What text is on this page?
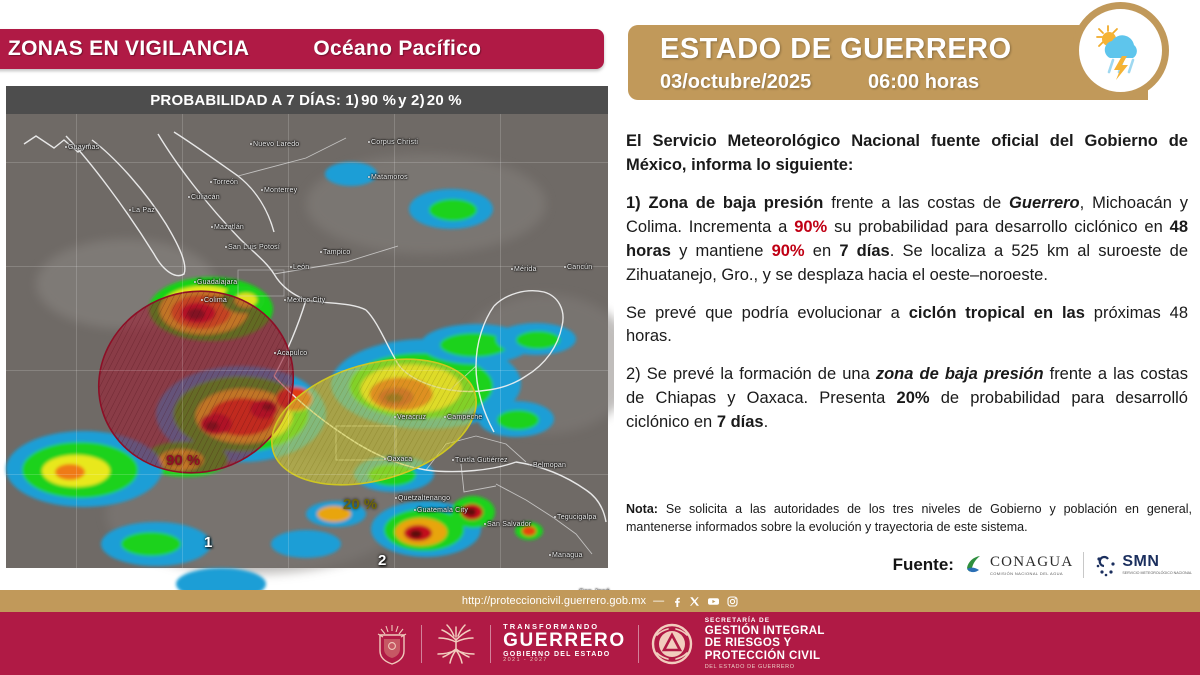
ZONAS EN VIGILANCIA	Océano Pacífico
PROBABILIDAD A 7 DÍAS: 1) 90 % y 2) 20 %
Guaymas	Nuevo Laredo	Corpus Christi
Torreón
Monterrey
Matamoros
Culiacán
La Paz
Mazatlán
San Luis Potosí
Tampico
Mérida	Cancún
León
Guadalajara
Colima	Mexico City
Veracruz	Campeche
Acapulco
Oaxaca	Tuxtla Gutiérrez
Belmopan
Quetzaltenango
Guatemala City
San Salvador
Tegucigalpa
Managua
90 %
20 %
1
2
ESTADO DE GUERRERO
03/octubre/2025	06:00 horas

El Servicio Meteorológico Nacional fuente oficial del Gobierno de México, informa lo siguiente:

1) Zona de baja presión frente a las costas de Guerrero, Michoacán y Colima. Incrementa a 90% su probabilidad para desarrollo ciclónico en 48 horas y mantiene 90% en 7 días. Se localiza a 525 km al suroeste de Zihuatanejo, Gro., y se desplaza hacia el oeste–noroeste.

Se prevé que podría evolucionar a ciclón tropical en las próximas 48 horas.

2) Se prevé la formación de una zona de baja presión frente a las costas de Chiapas y Oaxaca. Presenta 20% de probabilidad para desarrolló ciclónico en 7 días.

Nota: Se solicita a las autoridades de los tres niveles de Gobierno y población en general, mantenerse informados sobre la evolución y trayectoria de este sistema.
Fuente: CONAGUA
COMISIÓN NACIONAL DEL AGUA
SMN
SERVICIO METEOROLÓGICO NACIONAL
http://proteccioncivil.guerrero.gob.mx —
TRANSFORMANDO
GUERRERO
GOBIERNO DEL ESTADO
2021 - 2027
SECRETARÍA DE
GESTIÓN INTEGRAL
DE RIESGOS Y
PROTECCIÓN CIVIL
DEL ESTADO DE GUERRERO
